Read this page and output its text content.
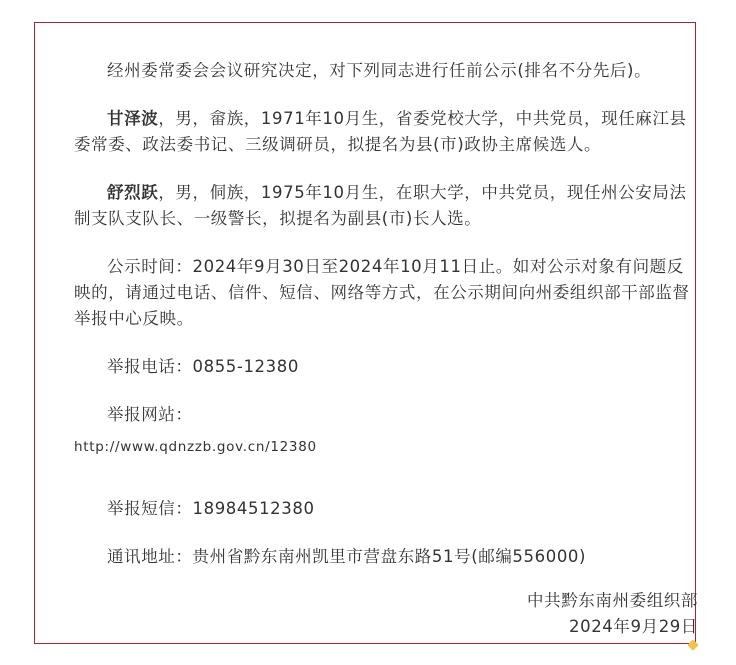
经州委常委会会议研究决定，对下列同志进行任前公示(排名不分先后)。

甘泽波，男，畲族，1971年10月生，省委党校大学，中共党员，现任麻江县委常委、政法委书记、三级调研员，拟提名为县(市)政协主席候选人。

舒烈跃，男，侗族，1975年10月生，在职大学，中共党员，现任州公安局法制支队支队长、一级警长，拟提名为副县(市)长人选。

公示时间：2024年9月30日至2024年10月11日止。如对公示对象有问题反映的，请通过电话、信件、短信、网络等方式，在公示期间向州委组织部干部监督举报中心反映。

举报电话：0855-12380

举报网站：

http://www.qdnzzb.gov.cn/12380

举报短信：18984512380

通讯地址：贵州省黔东南州凯里市营盘东路51号(邮编556000)

中共黔东南州委组织部

2024年9月29日
